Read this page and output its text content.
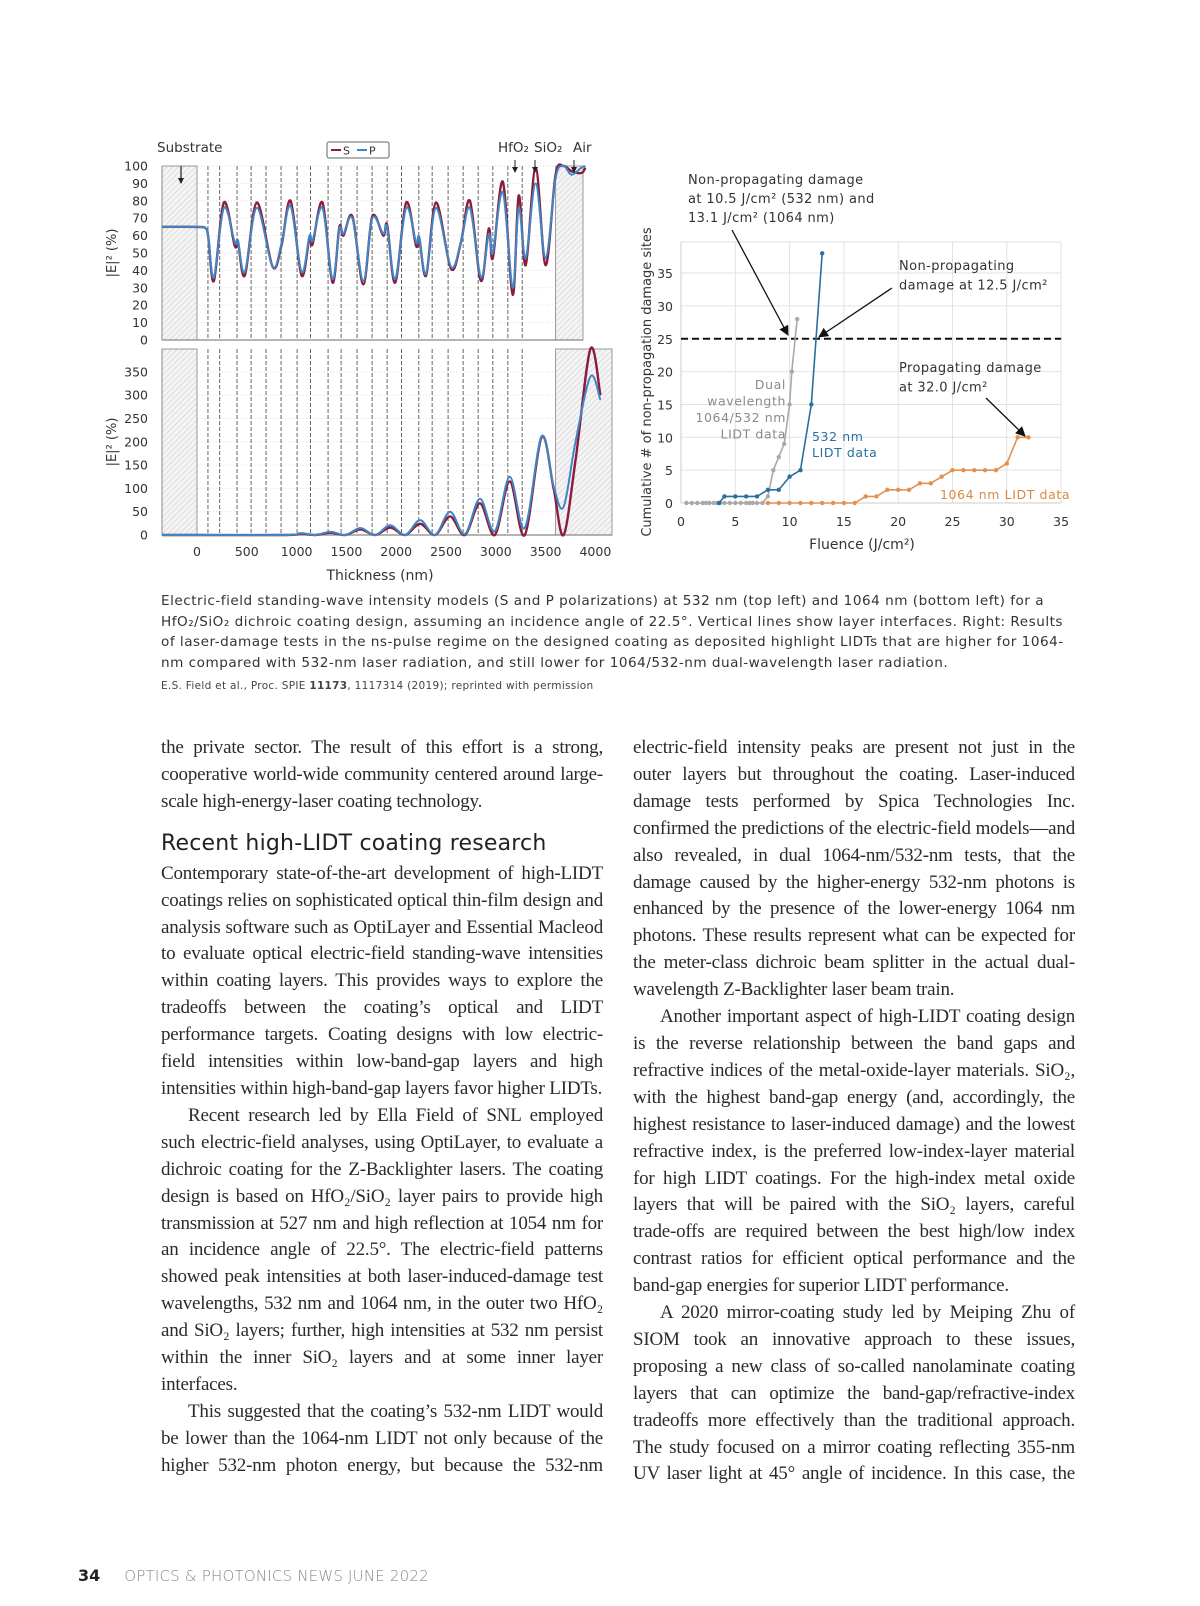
0
10
20
30
40
50
60
70
80
90
100
|E|² (%)
Substrate	HfO₂ SiO₂ Air
S P
0
50
100
150
200
250
300
350
|E|² (%)
0	500 1000 1500 2000 2500 3000 3500 4000
Thickness (nm)
0
5
10
15
20
25
30
35
0	5	10	15	20	25	30	35
Fluence (J/cm²)
Cumulative # of non-propagation damage sites	Dual
wavelength
1064/532 nm
LIDT data 532 nm
LIDT data
1064 nm LIDT data
Non-propagating damage
at 10.5 J/cm² (532 nm) and
13.1 J/cm² (1064 nm)
Non-propagating
damage at 12.5 J/cm²
Propagating damage
at 32.0 J/cm²
Electric-field standing-wave intensity models (S and P polarizations) at 532 nm (top left) and 1064 nm (bottom left) for a HfO₂/SiO₂ dichroic coating design, assuming an incidence angle of 22.5°. Vertical lines show layer interfaces. Right: Results of laser-damage tests in the ns-pulse regime on the designed coating as deposited highlight LIDTs that are higher for 1064-nm compared with 532-nm laser radiation, and still lower for 1064/532-nm dual-wavelength laser radiation.
E.S. Field et al., Proc. SPIE 11173, 1117314 (2019); reprinted with permission

the private sector. The result of this effort is a strong, cooperative world-wide community centered around large-scale high-energy-laser coating technology.

Recent high-LIDT coating research

Contemporary state-of-the-art development of high-LIDT coatings relies on sophisticated optical thin-film design and analysis software such as OptiLayer and Essential Macleod to evaluate optical electric-field standing-wave intensities within coating layers. This provides ways to explore the tradeoffs between the coating’s optical and LIDT performance targets. Coating designs with low electric-field intensities within low-band-gap layers and high intensities within high-band-gap layers favor higher LIDTs.

Recent research led by Ella Field of SNL employed such electric-field analyses, using OptiLayer, to evaluate a dichroic coating for the Z-Backlighter lasers. The coating design is based on HfO₂/SiO₂ layer pairs to provide high transmission at 527 nm and high reflection at 1054 nm for an incidence angle of 22.5°. The electric-field patterns showed peak intensities at both laser-induced-damage test wavelengths, 532 nm and 1064 nm, in the outer two HfO₂ and SiO₂ layers; further, high intensities at 532 nm persist within the inner SiO₂ layers and at some inner layer interfaces.

This suggested that the coating’s 532-nm LIDT would be lower than the 1064-nm LIDT not only because of the higher 532-nm photon energy, but because the 532-nm

electric-field intensity peaks are present not just in the outer layers but throughout the coating. Laser-induced damage tests performed by Spica Technologies Inc. confirmed the predictions of the electric-field models—and also revealed, in dual 1064-nm/532-nm tests, that the damage caused by the higher-energy 532-nm photons is enhanced by the presence of the lower-energy 1064 nm photons. These results represent what can be expected for the meter-class dichroic beam splitter in the actual dual-wavelength Z-Backlighter laser beam train.

Another important aspect of high-LIDT coating design is the reverse relationship between the band gaps and refractive indices of the metal-oxide-layer materials. SiO₂, with the highest band-gap energy (and, accordingly, the highest resistance to laser-induced damage) and the lowest refractive index, is the preferred low-index-layer material for high LIDT coatings. For the high-index metal oxide layers that will be paired with the SiO₂ layers, careful trade-offs are required between the best high/low index contrast ratios for efficient optical performance and the band-gap energies for superior LIDT performance.

A 2020 mirror-coating study led by Meiping Zhu of SIOM took an innovative approach to these issues, proposing a new class of so-called nanolaminate coating layers that can optimize the band-gap/refractive-index tradeoffs more effectively than the traditional approach. The study focused on a mirror coating reflecting 355-nm UV laser light at 45° angle of incidence. In this case, the

34 OPTICS & PHOTONICS NEWS JUNE 2022
